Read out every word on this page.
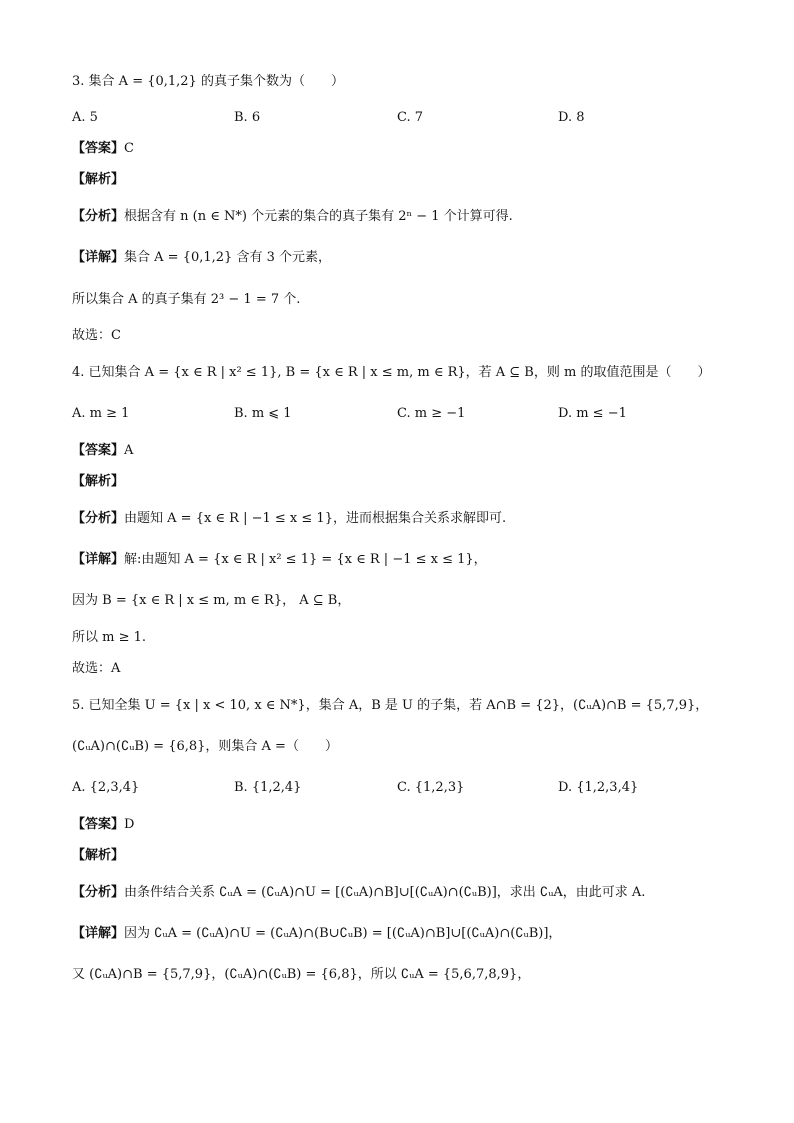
3. 集合 A = {0,1,2} 的真子集个数为（　　）
A. 5	B. 6	C. 7	D. 8
【答案】C
【解析】
【分析】根据含有 n (n ∈ N*) 个元素的集合的真子集有 2ⁿ − 1 个计算可得.
【详解】集合 A = {0,1,2} 含有 3 个元素，
所以集合 A 的真子集有 2³ − 1 = 7 个.
故选：C
4. 已知集合 A = {x ∈ R | x² ≤ 1}, B = {x ∈ R | x ≤ m, m ∈ R}，若 A ⊆ B，则 m 的取值范围是（　　）
A. m ≥ 1	B. m ⩽ 1	C. m ≥ −1	D. m ≤ −1
【答案】A
【解析】
【分析】由题知 A = {x ∈ R | −1 ≤ x ≤ 1}，进而根据集合关系求解即可.
【详解】解:由题知 A = {x ∈ R | x² ≤ 1} = {x ∈ R | −1 ≤ x ≤ 1}，
因为 B = {x ∈ R | x ≤ m, m ∈ R}， A ⊆ B，
所以 m ≥ 1.
故选：A
5. 已知全集 U = {x | x < 10, x ∈ N*}，集合 A，B 是 U 的子集，若 A∩B = {2}，(∁ᵤA)∩B = {5,7,9}，
(∁ᵤA)∩(∁ᵤB) = {6,8}，则集合 A =（　　）
A. {2,3,4}	B. {1,2,4}	C. {1,2,3}	D. {1,2,3,4}
【答案】D
【解析】
【分析】由条件结合关系 ∁ᵤA = (∁ᵤA)∩U = [(∁ᵤA)∩B]∪[(∁ᵤA)∩(∁ᵤB)]，求出 ∁ᵤA，由此可求 A.
【详解】因为 ∁ᵤA = (∁ᵤA)∩U = (∁ᵤA)∩(B∪∁ᵤB) = [(∁ᵤA)∩B]∪[(∁ᵤA)∩(∁ᵤB)]，
又 (∁ᵤA)∩B = {5,7,9}，(∁ᵤA)∩(∁ᵤB) = {6,8}，所以 ∁ᵤA = {5,6,7,8,9}，
